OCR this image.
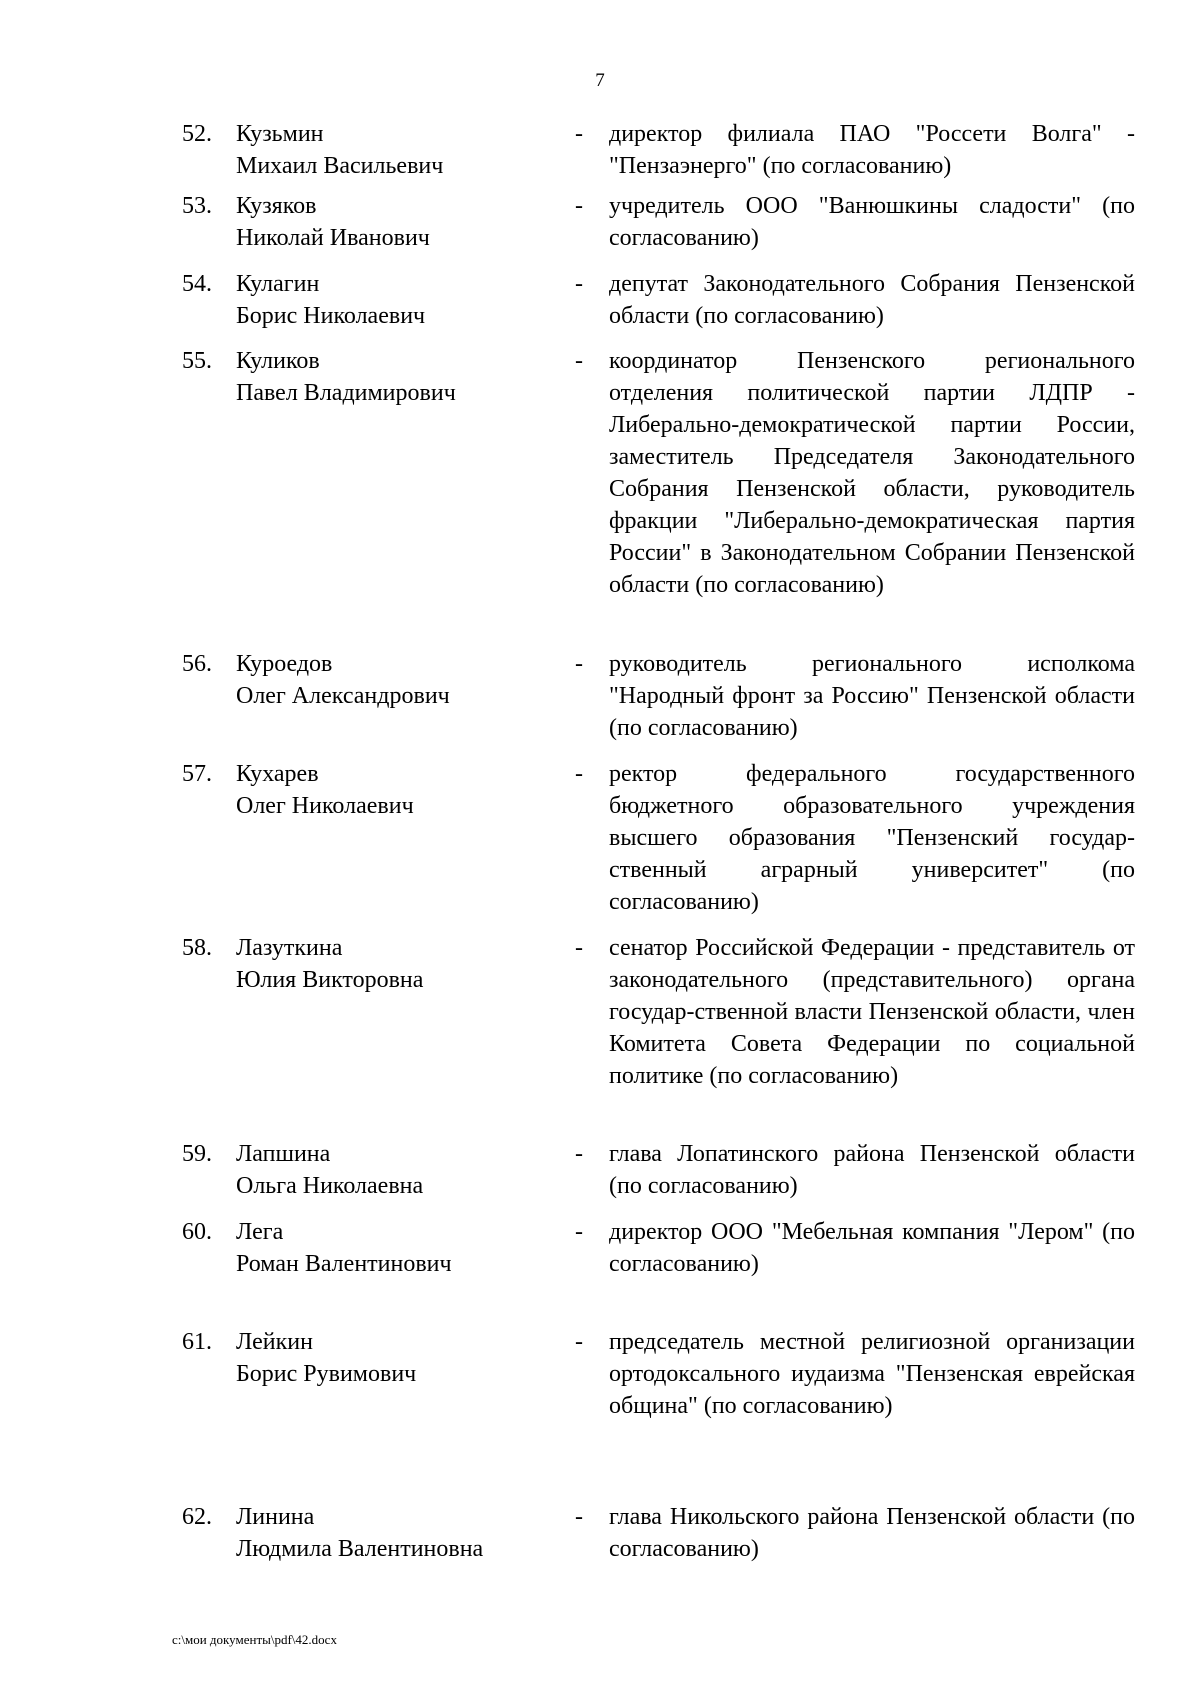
7
52. Кузьмин
Михаил Васильевич
- директор филиала ПАО "Россети Волга" - "Пензаэнерго" (по согласованию)
53. Кузяков
Николай Иванович
- учредитель ООО "Ванюшкины сладости" (по согласованию)
54. Кулагин
Борис Николаевич
- депутат Законодательного Собрания Пензенской области (по согласованию)
55. Куликов
Павел Владимирович
- координатор Пензенского регионального отделения политической партии ЛДПР - Либерально-демократической партии России, заместитель Председателя Законодательного Собрания Пензенской области, руководитель фракции "Либерально-демократическая партия России" в Законодательном Собрании Пензенской области (по согласованию)
56. Куроедов
Олег Александрович
- руководитель регионального исполкома "Народный фронт за Россию" Пензенской области (по согласованию)
57. Кухарев
Олег Николаевич
- ректор федерального государственного бюджетного образовательного учреждения высшего образования "Пензенский государ-ственный аграрный университет" (по согласованию)
58. Лазуткина
Юлия Викторовна
- сенатор Российской Федерации - представитель от законодательного (представительного) органа государ-ственной власти Пензенской области, член Комитета Совета Федерации по социальной политике (по согласованию)
59. Лапшина
Ольга Николаевна
- глава Лопатинского района Пензенской области (по согласованию)
60. Лега
Роман Валентинович
- директор ООО "Мебельная компания "Лером" (по согласованию)
61. Лейкин
Борис Рувимович
- председатель местной религиозной организации ортодоксального иудаизма "Пензенская еврейская община" (по согласованию)
62. Линина
Людмила Валентиновна
- глава Никольского района Пензенской области (по согласованию)
c:\мои документы\pdf\42.docx
